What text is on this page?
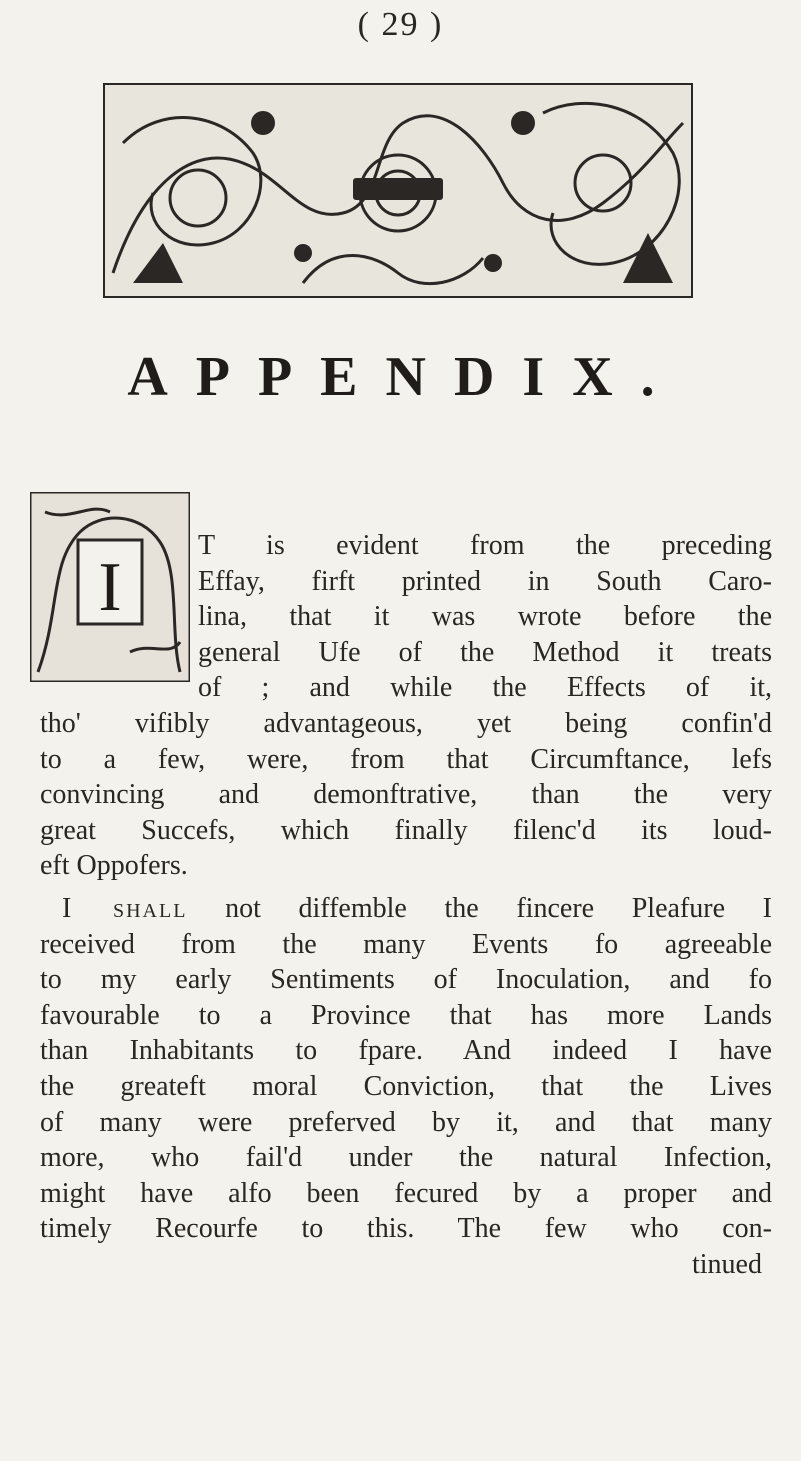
( 29 )
APPENDIX.
I
T is evident from the preceding
Effay, firft printed in South Caro-
lina, that it was wrote before the
general Ufe of the Method it treats
of ; and while the Effects of it,
tho' vifibly advantageous, yet being confin'd
to a few, were, from that Circumftance, lefs
convincing and demonftrative, than the very
great Succefs, which finally filenc'd its loud-
eft Oppofers.
I shall not diffemble the fincere Pleafure I
received from the many Events fo agreeable
to my early Sentiments of Inoculation, and fo
favourable to a Province that has more Lands
than Inhabitants to fpare. And indeed I have
the greateft moral Conviction, that the Lives
of many were preferved by it, and that many
more, who fail'd under the natural Infection,
might have alfo been fecured by a proper and
timely Recourfe to this. The few who con-
tinued
